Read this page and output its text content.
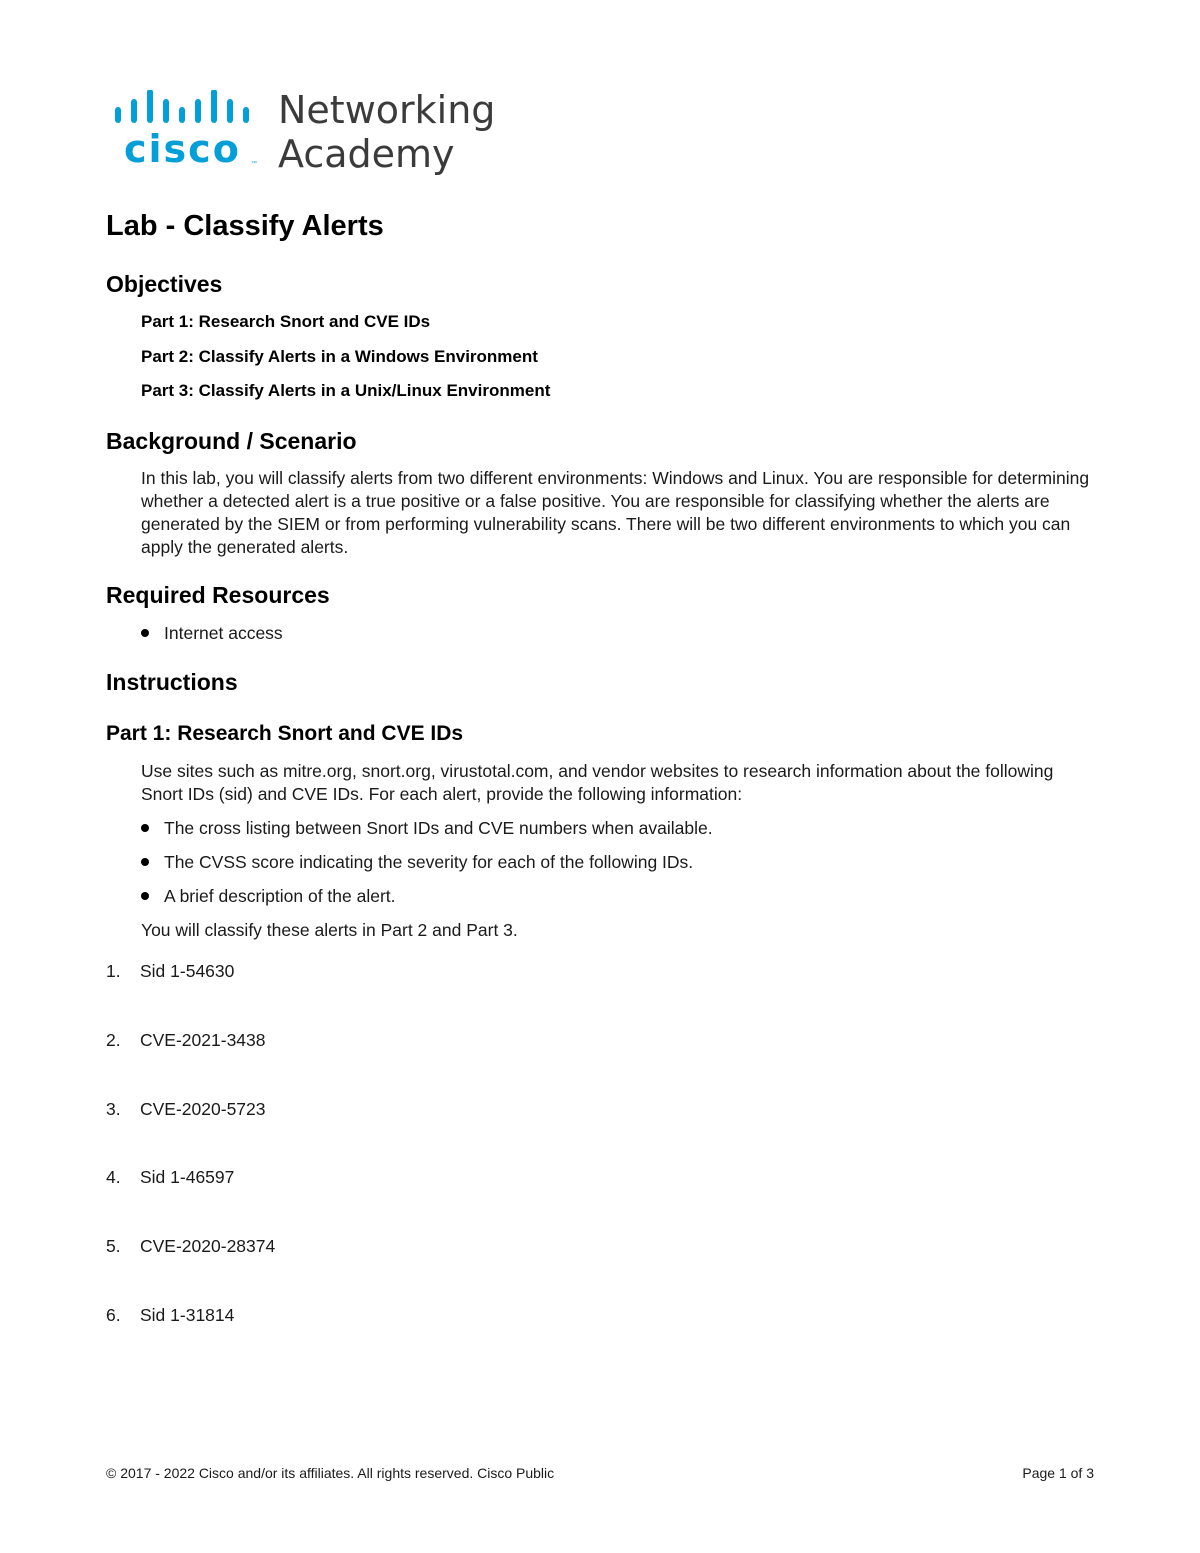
cisco ™
Networking
Academy
Lab - Classify Alerts
Objectives
Part 1: Research Snort and CVE IDs
Part 2: Classify Alerts in a Windows Environment
Part 3: Classify Alerts in a Unix/Linux Environment
Background / Scenario

In this lab, you will classify alerts from two different environments: Windows and Linux. You are responsible for determining whether a detected alert is a true positive or a false positive. You are responsible for classifying whether the alerts are generated by the SIEM or from performing vulnerability scans. There will be two different environments to which you can apply the generated alerts.

Required Resources
Internet access
Instructions
Part 1: Research Snort and CVE IDs

Use sites such as mitre.org, snort.org, virustotal.com, and vendor websites to research information about the following Snort IDs (sid) and CVE IDs. For each alert, provide the following information:

The cross listing between Snort IDs and CVE numbers when available.
The CVSS score indicating the severity for each of the following IDs.
A brief description of the alert.

You will classify these alerts in Part 2 and Part 3.

1. Sid 1-54630
2. CVE-2021-3438
3. CVE-2020-5723
4. Sid 1-46597
5. CVE-2020-28374
6. Sid 1-31814
© 2017 - 2022 Cisco and/or its affiliates. All rights reserved. Cisco Public	Page 1 of 3
